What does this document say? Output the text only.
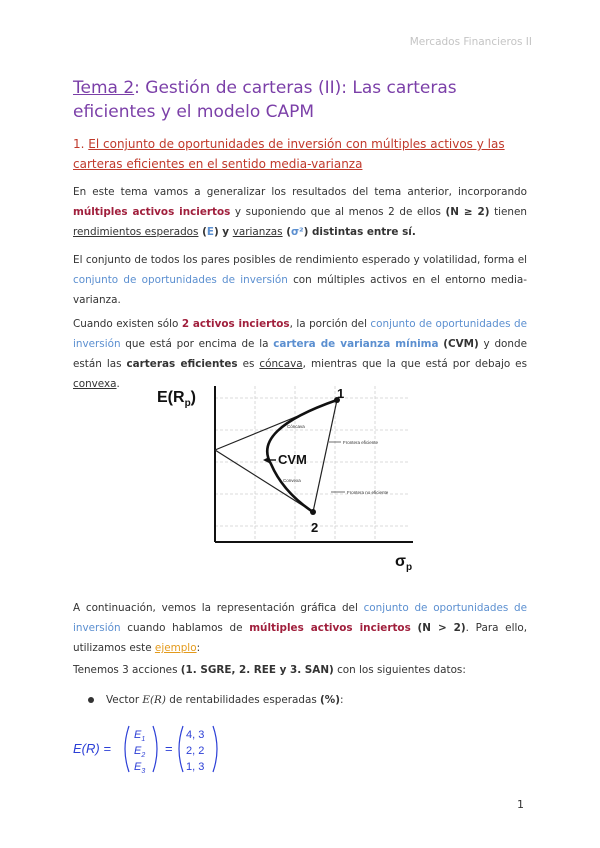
Mercados Financieros II
Tema 2: Gestión de carteras (II): Las carteras eficientes y el modelo CAPM
1. El conjunto de oportunidades de inversión con múltiples activos y las carteras eficientes en el sentido media-varianza
En este tema vamos a generalizar los resultados del tema anterior, incorporando múltiples activos inciertos y suponiendo que al menos 2 de ellos (N ≥ 2) tienen rendimientos esperados (E) y varianzas (σ²) distintas entre sí.
El conjunto de todos los pares posibles de rendimiento esperado y volatilidad, forma el conjunto de oportunidades de inversión con múltiples activos en el entorno media-varianza.
Cuando existen sólo 2 activos inciertos, la porción del conjunto de oportunidades de inversión que está por encima de la cartera de varianza mínima (CVM) y donde están las carteras eficientes es cóncava, mientras que la que está por debajo es convexa.
$E(R_p)$
$\sigma_p$
1
2
CVM
Cóncava
Convexa
Frontera eficiente
Frontera no eficiente
A continuación, vemos la representación gráfica del conjunto de oportunidades de inversión cuando hablamos de múltiples activos inciertos (N > 2). Para ello, utilizamos este ejemplo:
Tenemos 3 acciones (1. SGRE, 2. REE y 3. SAN) con los siguientes datos:
Vector E(R) de rentabilidades esperadas (%):
E(R) =
$E_1$
$E_2$
$E_3$
=
4, 3
2, 2
1, 3
1
